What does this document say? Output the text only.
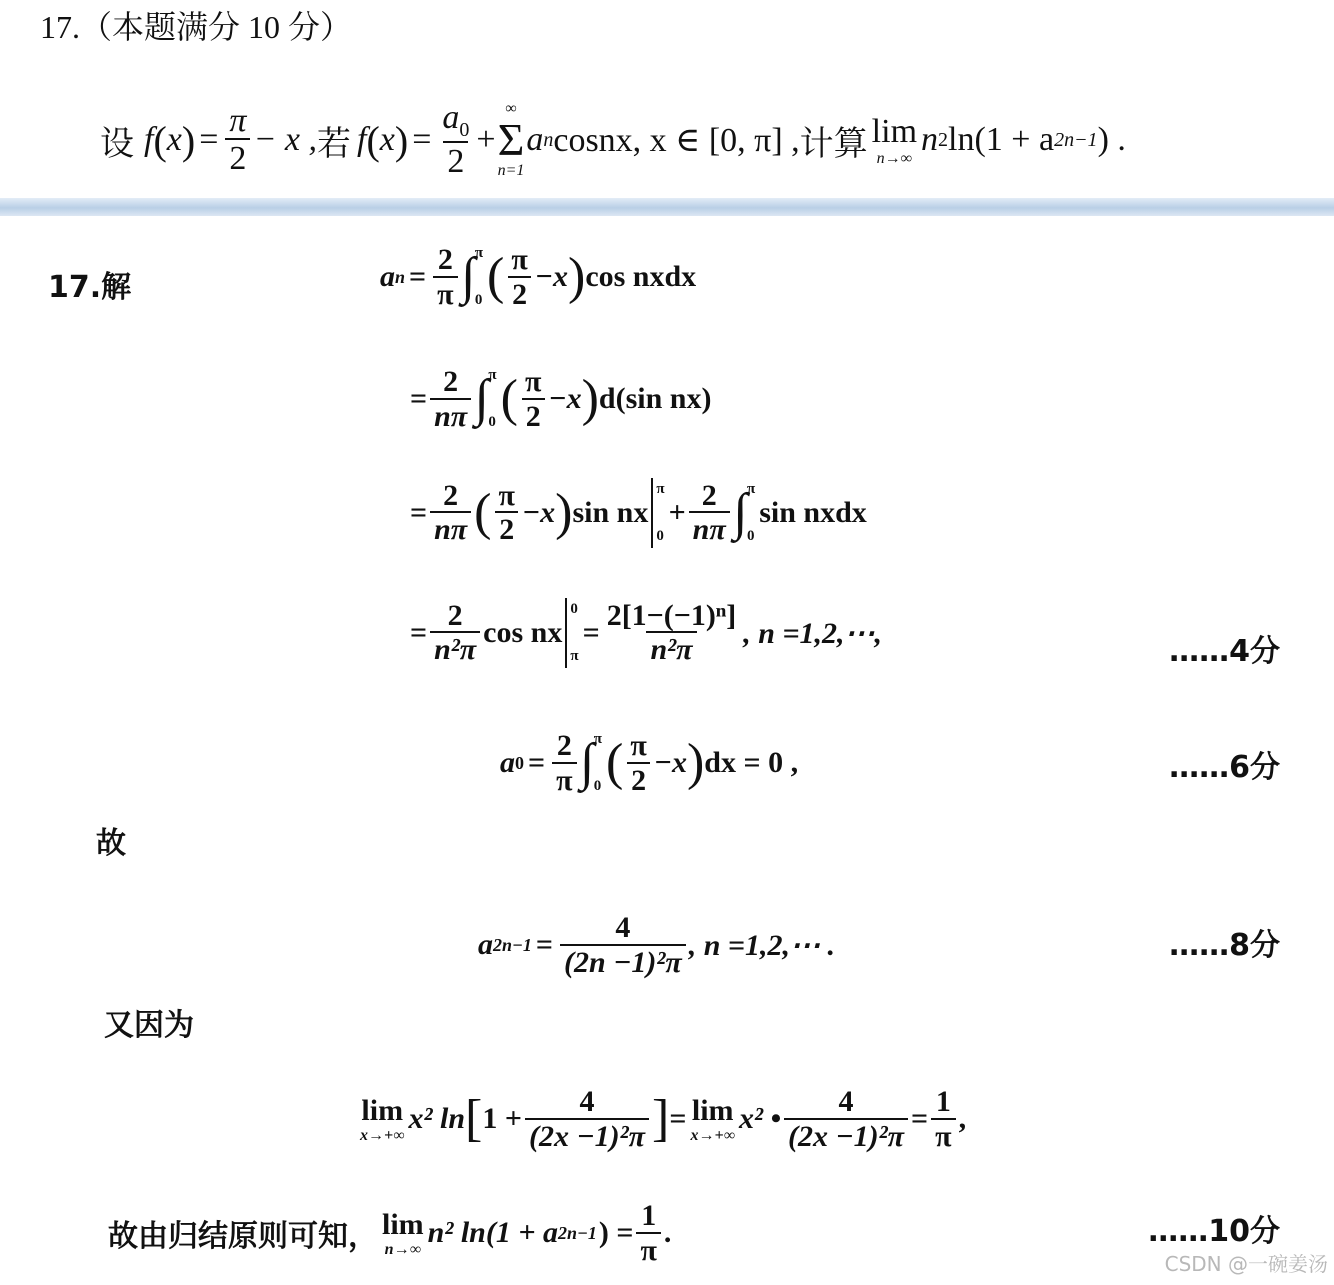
17.（本题满分 10 分）
设 f ( x ) = $\frac{\pi}{2} - x$ , 若 f ( x ) = $\frac{a_0}{2}$ +
∞
Σ
n=1
a n cosnx, x ∈ [0, π] , 计算 lim
n→∞
n 2 ln(1 + a 2n−1 ) .
17.解	a $n = \frac{2}{\pi}$ ∫ π
0 ( $\frac{\pi}{2} -x$ ) cos nxdx
= $\frac{2}{n\pi}$ ∫ π
0 ( $\frac{\pi}{2} -x$ ) d(sin nx)
= $\frac{2}{n\pi}$ ( $\frac{\pi}{2} -x$ ) sin nx
π
0
+ $\frac{2}{n\pi}$ ∫ π
0
sin nxdx
= $\frac{2}{\text{n²π}}$ cos nx
0
π
= $\frac{\text{2[1−(−1)ⁿ]}}{\text{n²π}}$ , n =1,2,⋯,
……4分
a $0 = \frac{2}{\pi}$ ∫ π
0 ( $\frac{\pi}{2} -x$ ) dx = 0 ,	……6分
故
a $2n-1 = \frac{4}{\text{(2n −1)²π}}$ , n =1,2,⋯ .	……8分
又因为
lim
x→+∞
x² ln [ $1 + \frac{4}{\text{(2x −1)²π}}$ ] = lim
x→+∞
x² • $\frac{4}{\text{(2x −1)²π}} = \frac{1}{\pi}$ ,
故由归结原则可知， lim
n→∞
n² ln(1 + a 2n−1 ) = $\frac{1}{\pi}$ .	……10分
CSDN @一碗姜汤
